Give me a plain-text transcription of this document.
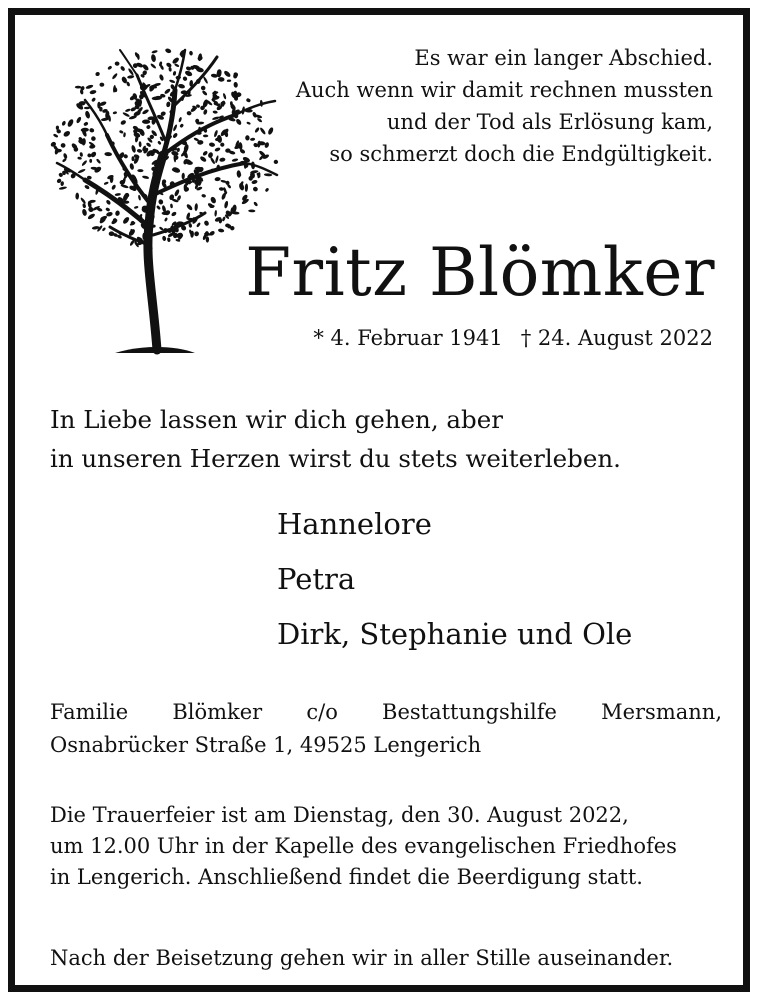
Es war ein langer Abschied.
Auch wenn wir damit rechnen mussten
und der Tod als Erlösung kam,
so schmerzt doch die Endgültigkeit.
Fritz Blömker
* 4. Februar 1941 † 24. August 2022
In Liebe lassen wir dich gehen, aber
in unseren Herzen wirst du stets weiterleben.
Hannelore
Petra
Dirk, Stephanie und Ole
Familie Blömker c/o Bestattungshilfe Mersmann,
Osnabrücker Straße 1, 49525 Lengerich
Die Trauerfeier ist am Dienstag, den 30. August 2022,
um 12.00 Uhr in der Kapelle des evangelischen Friedhofes
in Lengerich. Anschließend findet die Beerdigung statt.
Nach der Beisetzung gehen wir in aller Stille auseinander.
